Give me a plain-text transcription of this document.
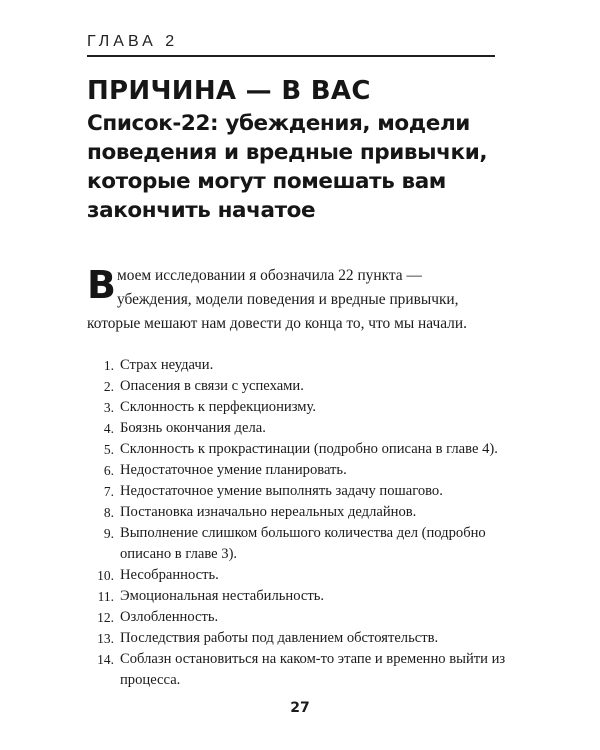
ГЛАВА 2
ПРИЧИНА — В ВАС
Список-22: убеждения, модели поведения и вредные привычки, которые могут помешать вам закончить начатое
В моем исследовании я обозначила 22 пункта — убеждения, модели поведения и вредные привычки, которые мешают нам довести до конца то, что мы начали.
1. Страх неудачи.
2. Опасения в связи с успехами.
3. Склонность к перфекционизму.
4. Боязнь окончания дела.
5. Склонность к прокрастинации (подробно описана в главе 4).
6. Недостаточное умение планировать.
7. Недостаточное умение выполнять задачу пошагово.
8. Постановка изначально нереальных дедлайнов.
9. Выполнение слишком большого количества дел (подробно описано в главе 3).
10. Несобранность.
11. Эмоциональная нестабильность.
12. Озлобленность.
13. Последствия работы под давлением обстоятельств.
14. Соблазн остановиться на каком-то этапе и временно выйти из процесса.
27
